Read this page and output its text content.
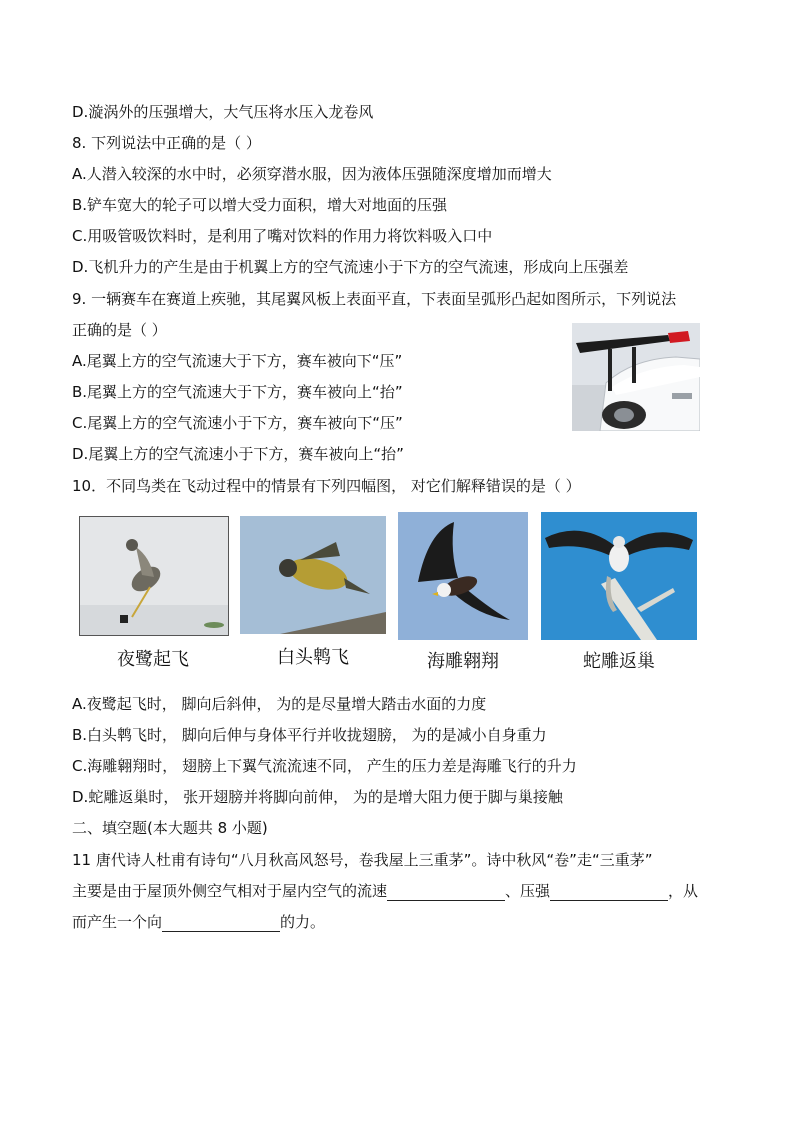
D.漩涡外的压强增大，大气压将水压入龙卷风
8. 下列说法中正确的是（ ）
A.人潜入较深的水中时，必须穿潜水服，因为液体压强随深度增加而增大
B.铲车宽大的轮子可以增大受力面积，增大对地面的压强
C.用吸管吸饮料时，是利用了嘴对饮料的作用力将饮料吸入口中
D.飞机升力的产生是由于机翼上方的空气流速小于下方的空气流速，形成向上压强差
9. 一辆赛车在赛道上疾驰，其尾翼风板上表面平直，下表面呈弧形凸起如图所示，下列说法
正确的是（ ）
A.尾翼上方的空气流速大于下方，赛车被向下“压”
B.尾翼上方的空气流速大于下方，赛车被向上“抬”
C.尾翼上方的空气流速小于下方，赛车被向下“压”
D.尾翼上方的空气流速小于下方，赛车被向上“抬”
10．不同鸟类在飞动过程中的情景有下列四幅图， 对它们解释错误的是（ ）
夜鹭起飞	白头鹎飞	海雕翱翔	蛇雕返巢
A.夜鹭起飞时， 脚向后斜伸， 为的是尽量增大踏击水面的力度
B.白头鹎飞时， 脚向后伸与身体平行并收拢翅膀， 为的是减小自身重力
C.海雕翱翔时， 翅膀上下翼气流流速不同， 产生的压力差是海雕飞行的升力
D.蛇雕返巢时， 张开翅膀并将脚向前伸， 为的是增大阻力便于脚与巢接触
二、填空题(本大题共 8 小题)
11 唐代诗人杜甫有诗句“八月秋高风怒号，卷我屋上三重茅”。诗中秋风“卷”走“三重茅”
主要是由于屋顶外侧空气相对于屋内空气的流速	、压强	，从
而产生一个向	的力。
